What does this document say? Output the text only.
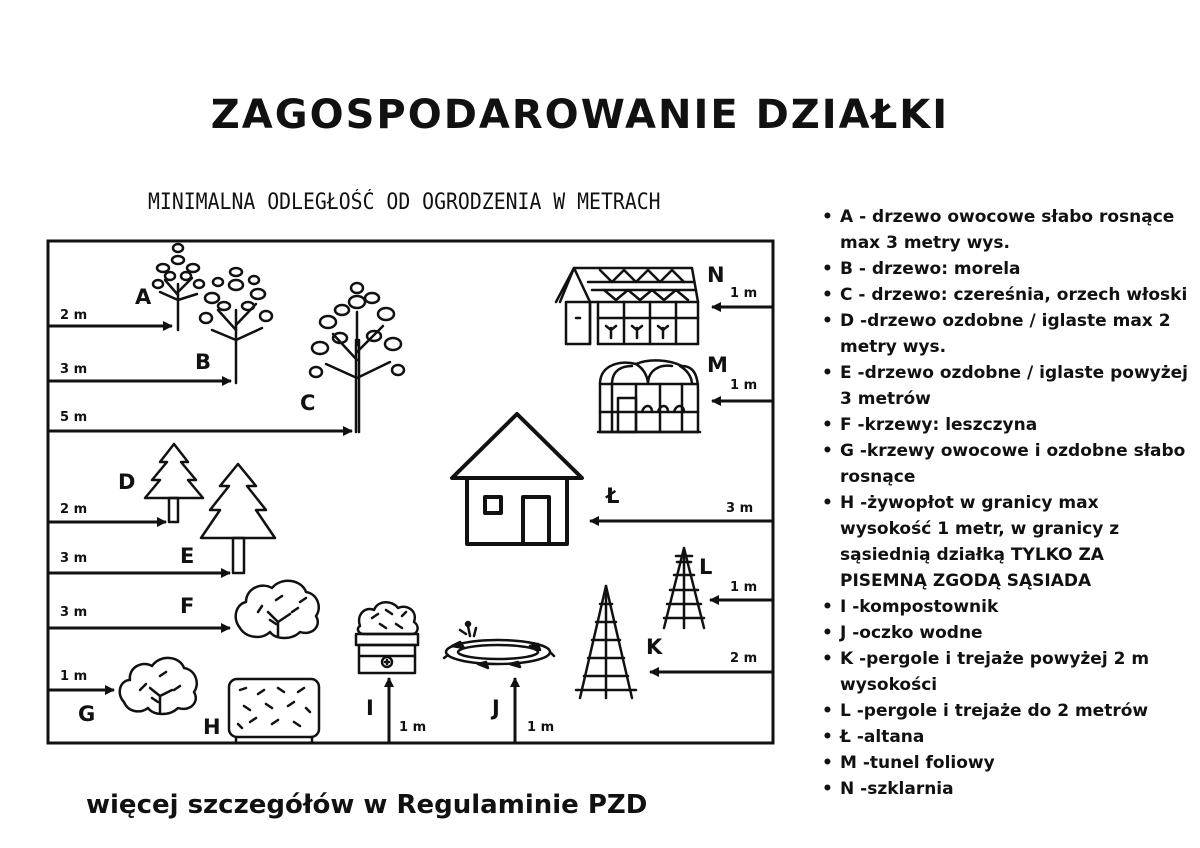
ZAGOSPODAROWANIE DZIAŁKI
MINIMALNA ODLEGŁOŚĆ OD OGRODZENIA W METRACH
2 m
3 m
5 m
2 m
3 m
3 m
1 m
1 m
1 m
3 m
1 m
2 m
1 m	1 m
A
B
C
D
E
F
G
H
I	J
K
L
Ł
M
N
• A - drzewo owocowe słabo rosnące max 3 metry wys.
• B - drzewo: morela
• C - drzewo: czereśnia, orzech włoski
• D -drzewo ozdobne / iglaste max 2 metry wys.
• E -drzewo ozdobne / iglaste powyżej 3 metrów
• F -krzewy: leszczyna
• G -krzewy owocowe i ozdobne słabo rosnące
• H -żywopłot w granicy max wysokość 1 metr, w granicy z sąsiednią działką TYLKO ZA PISEMNĄ ZGODĄ SĄSIADA
• I -kompostownik
• J -oczko wodne
• K -pergole i trejaże powyżej 2 m wysokości
• L -pergole i trejaże do 2 metrów
• Ł -altana
• M -tunel foliowy
• N -szklarnia
więcej szczegółów w Regulaminie PZD
